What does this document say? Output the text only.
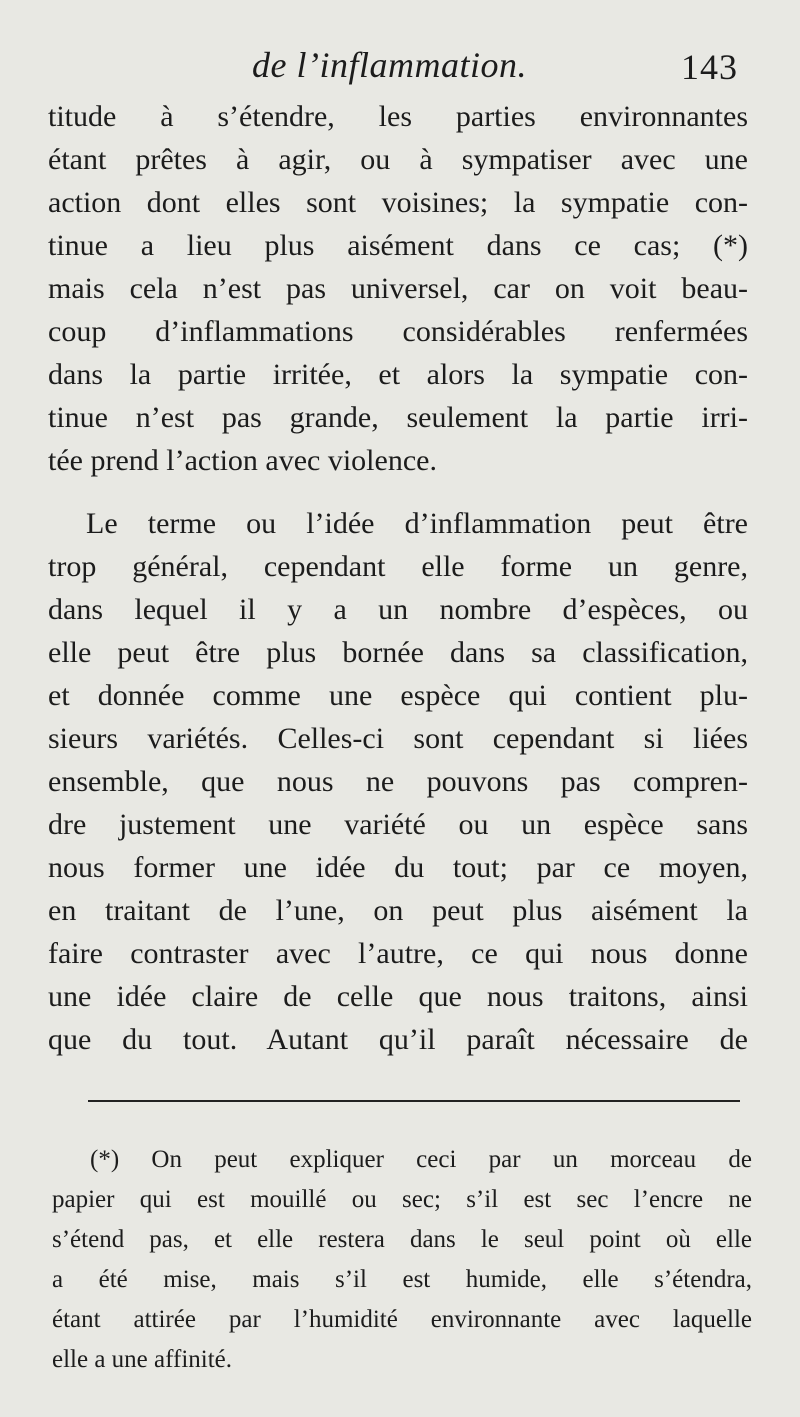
de l’inflammation.	143
titude à s’étendre, les parties environnantes
étant prêtes à agir, ou à sympatiser avec une
action dont elles sont voisines; la sympatie con-
tinue a lieu plus aisément dans ce cas; (*)
mais cela n’est pas universel, car on voit beau-
coup d’inflammations considérables renfermées
dans la partie irritée, et alors la sympatie con-
tinue n’est pas grande, seulement la partie irri-
tée prend l’action avec violence.
Le terme ou l’idée d’inflammation peut être
trop général, cependant elle forme un genre,
dans lequel il y a un nombre d’espèces, ou
elle peut être plus bornée dans sa classification,
et donnée comme une espèce qui contient plu-
sieurs variétés. Celles-ci sont cependant si liées
ensemble, que nous ne pouvons pas compren-
dre justement une variété ou un espèce sans
nous former une idée du tout; par ce moyen,
en traitant de l’une, on peut plus aisément la
faire contraster avec l’autre, ce qui nous donne
une idée claire de celle que nous traitons, ainsi
que du tout. Autant qu’il paraît nécessaire de
(*) On peut expliquer ceci par un morceau de
papier qui est mouillé ou sec; s’il est sec l’encre ne
s’étend pas, et elle restera dans le seul point où elle
a été mise, mais s’il est humide, elle s’étendra,
étant attirée par l’humidité environnante avec laquelle
elle a une affinité.
